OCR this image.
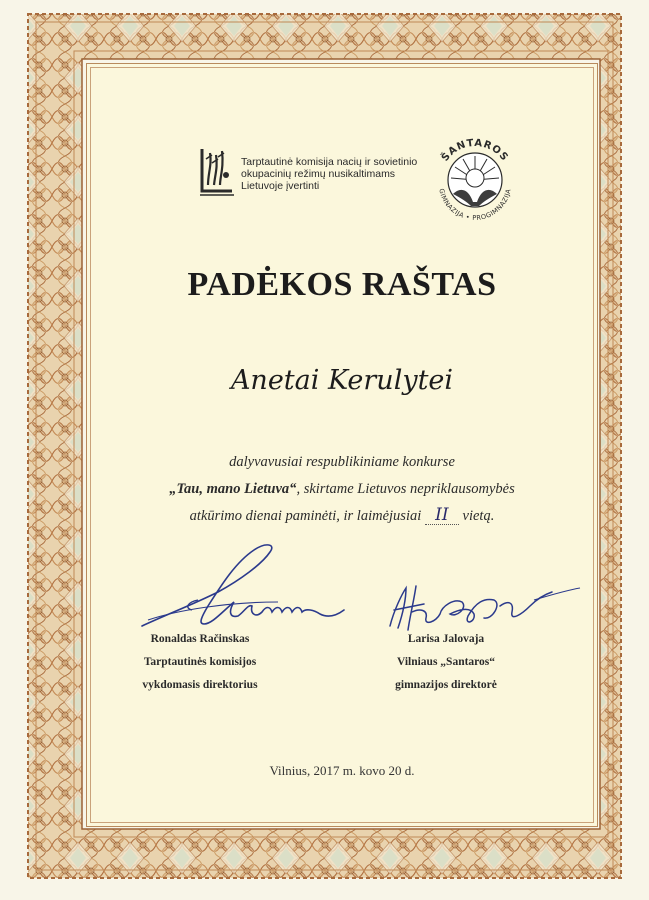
Tarptautinė komisija nacių ir sovietinio
okupacinių režimų nusikaltimams
Lietuvoje įvertinti
ŠANTAROS
GIMNAZIJA • PROGIMNAZIJA
PADĖKOS RAŠTAS
Anetai Kerulytei
dalyvavusiai respublikiniame konkurse
„Tau, mano Lietuva“, skirtame Lietuvos nepriklausomybės
atkūrimo dienai paminėti, ir laimėjusiai II vietą.
Ronaldas Račinskas
Tarptautinės komisijos
vykdomasis direktorius
Larisa Jalovaja
Vilniaus „Santaros“
gimnazijos direktorė
Vilnius, 2017 m. kovo 20 d.
